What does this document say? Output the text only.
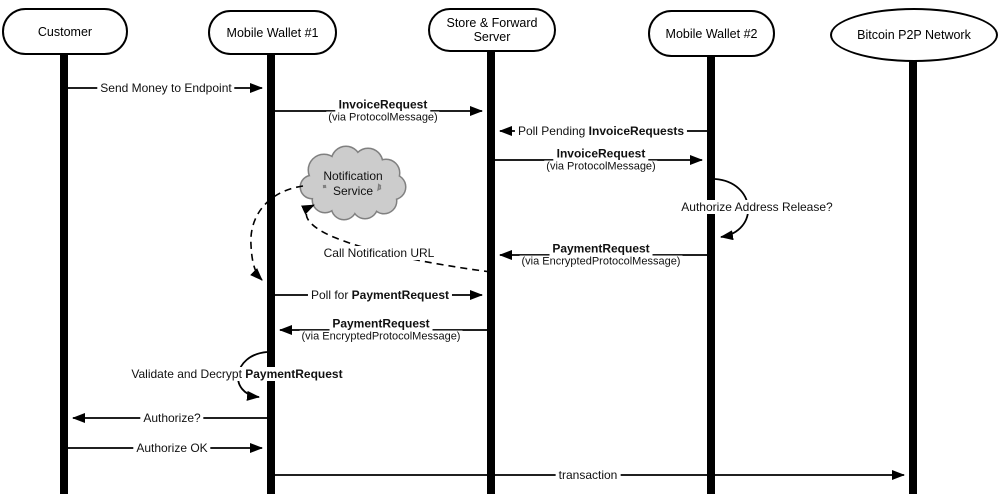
Customer	Mobile Wallet #1
Store & Forward Server	Mobile Wallet #2	Bitcoin P2P Network
Notification
Service
Send Money to Endpoint
InvoiceRequest
(via ProtocolMessage)
Poll Pending InvoiceRequests
InvoiceRequest
(via ProtocolMessage)
Authorize Address Release?
PaymentRequest
(via EncryptedProtocolMessage)
Call Notification URL
Poll for PaymentRequest
PaymentRequest
(via EncryptedProtocolMessage)
Validate and Decrypt PaymentRequest
Authorize?
Authorize OK
transaction
